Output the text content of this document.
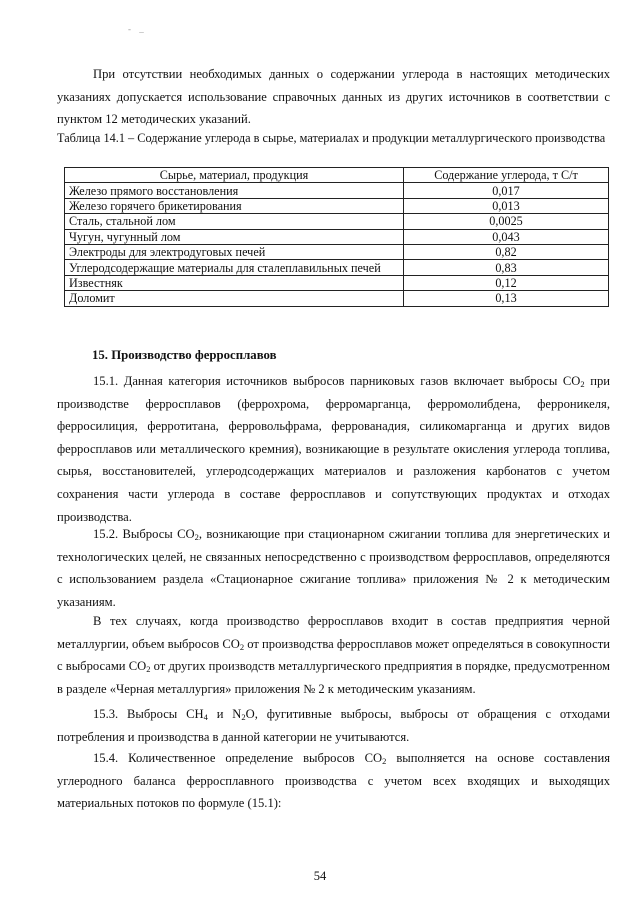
- _

При отсутствии необходимых данных о содержании углерода в настоящих методических указаниях допускается использование справочных данных из других источников в соответствии с пунктом 12 методических указаний.

Таблица 14.1 – Содержание углерода в сырье, материалах и продукции металлургического производства

Сырье, материал, продукция	Содержание углерода, т С/т
Железо прямого восстановления	0,017
Железо горячего брикетирования	0,013
Сталь, стальной лом	0,0025
Чугун, чугунный лом	0,043
Электроды для электродуговых печей	0,82
Углеродсодержащие материалы для сталеплавильных печей	0,83
Известняк	0,12
Доломит	0,13

15. Производство ферросплавов

15.1. Данная категория источников выбросов парниковых газов включает выбросы $CO_2$ при производстве ферросплавов (феррохрома, ферромарганца, ферромолибдена, ферроникеля, ферросилиция, ферротитана, ферровольфрама, феррованадия, силикомарганца и других видов ферросплавов или металлического кремния), возникающие в результате окисления углерода топлива, сырья, восстановителей, углеродсодержащих материалов и разложения карбонатов с учетом сохранения части углерода в составе ферросплавов и сопутствующих продуктах и отходах производства.

15.2. Выбросы $CO_2$, возникающие при стационарном сжигании топлива для энергетических и технологических целей, не связанных непосредственно с производством ферросплавов, определяются с использованием раздела «Стационарное сжигание топлива» приложения № 2 к методическим указаниям.

В тех случаях, когда производство ферросплавов входит в состав предприятия черной металлургии, объем выбросов $CO_2$ от производства ферросплавов может определяться в совокупности с выбросами $CO_2$ от других производств металлургического предприятия в порядке, предусмотренном в разделе «Черная металлургия» приложения № 2 к методическим указаниям.

15.3. Выбросы $CH_4$ и $N_2O$, фугитивные выбросы, выбросы от обращения с отходами потребления и производства в данной категории не учитываются.

15.4. Количественное определение выбросов $CO_2$ выполняется на основе составления углеродного баланса ферросплавного производства с учетом всех входящих и выходящих материальных потоков по формуле (15.1):

54
